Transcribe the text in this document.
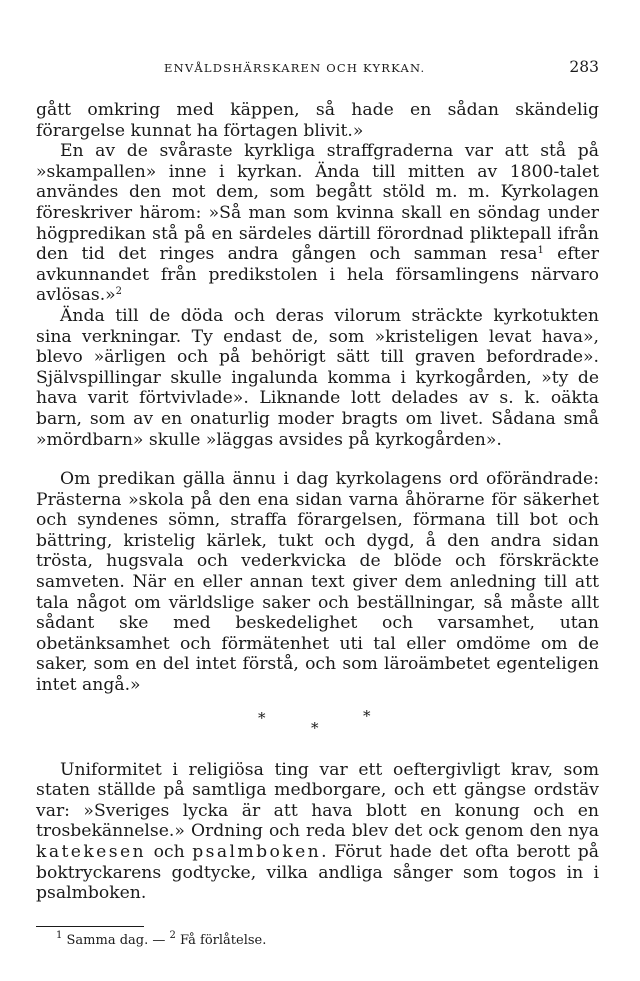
ENVÅLDSHÄRSKAREN OCH KYRKAN.	283

gått omkring med käppen, så hade en sådan skändelig förargelse kunnat ha förtagen blivit.»

En av de svåraste kyrkliga straffgraderna var att stå på »skampallen» inne i kyrkan. Ända till mitten av 1800-talet användes den mot dem, som begått stöld m. m. Kyrkolagen föreskriver härom: »Så man som kvinna skall en söndag under högpredikan stå på en särdeles därtill förordnad pliktepall ifrån den tid det ringes andra gången och samman resa$^1$ efter avkunnandet från predikstolen i hela församlingens närvaro avlösas.»$^2$

Ända till de döda och deras vilorum sträckte kyrkotukten sina verkningar. Ty endast de, som »kristeligen levat hava», blevo »ärligen och på behörigt sätt till graven befordrade». Självspillingar skulle ingalunda komma i kyrkogården, »ty de hava varit förtvivlade». Liknande lott delades av s. k. oäkta barn, som av en onaturlig moder bragts om livet. Sådana små »mördbarn» skulle »läggas avsides på kyrkogården».

Om predikan gälla ännu i dag kyrkolagens ord oförändrade: Prästerna »skola på den ena sidan varna åhörarne för säkerhet och syndenes sömn, straffa förargelsen, förmana till bot och bättring, kristelig kärlek, tukt och dygd, å den andra sidan trösta, hugsvala och vederkvicka de blöde och förskräckte samveten. När en eller annan text giver dem anledning till att tala något om världslige saker och beställningar, så måste allt sådant ske med beskedelighet och varsamhet, utan obetänksamhet och förmätenhet uti tal eller omdöme om de saker, som en del intet förstå, och som läroämbetet egenteligen intet angå.»

*
*
*

Uniformitet i religiösa ting var ett oeftergivligt krav, som staten ställde på samtliga medborgare, och ett gängse ordstäv var: »Sveriges lycka är att hava blott en konung och en trosbekännelse.» Ordning och reda blev det ock genom den nya katekesen och psalmboken. Förut hade det ofta berott på boktryckarens godtycke, vilka andliga sånger som togos in i psalmboken.

$^1$ Samma dag. — $^2$ Få förlåtelse.
